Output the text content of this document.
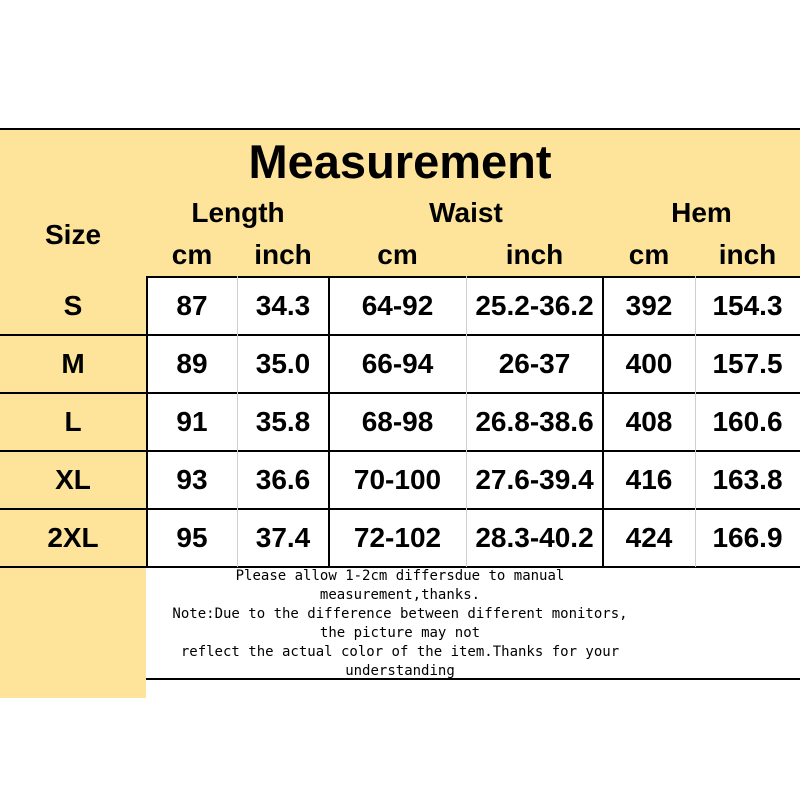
Measurement
Size
Length	Waist	Hem
cm	inch	cm	inch	cm	inch
S	87	34.3	64-92	25.2-36.2	392	154.3
M	89	35.0	66-94	26-37	400	157.5
L	91	35.8	68-98	26.8-38.6	408	160.6
XL	93	36.6	70-100	27.6-39.4	416	163.8
2XL	95	37.4	72-102	28.3-40.2	424	166.9
Please allow 1-2cm differsdue to manual
measurement,thanks.
Note:Due to the difference between different monitors,
the picture may not
reflect the actual color of the item.Thanks for your
understanding
